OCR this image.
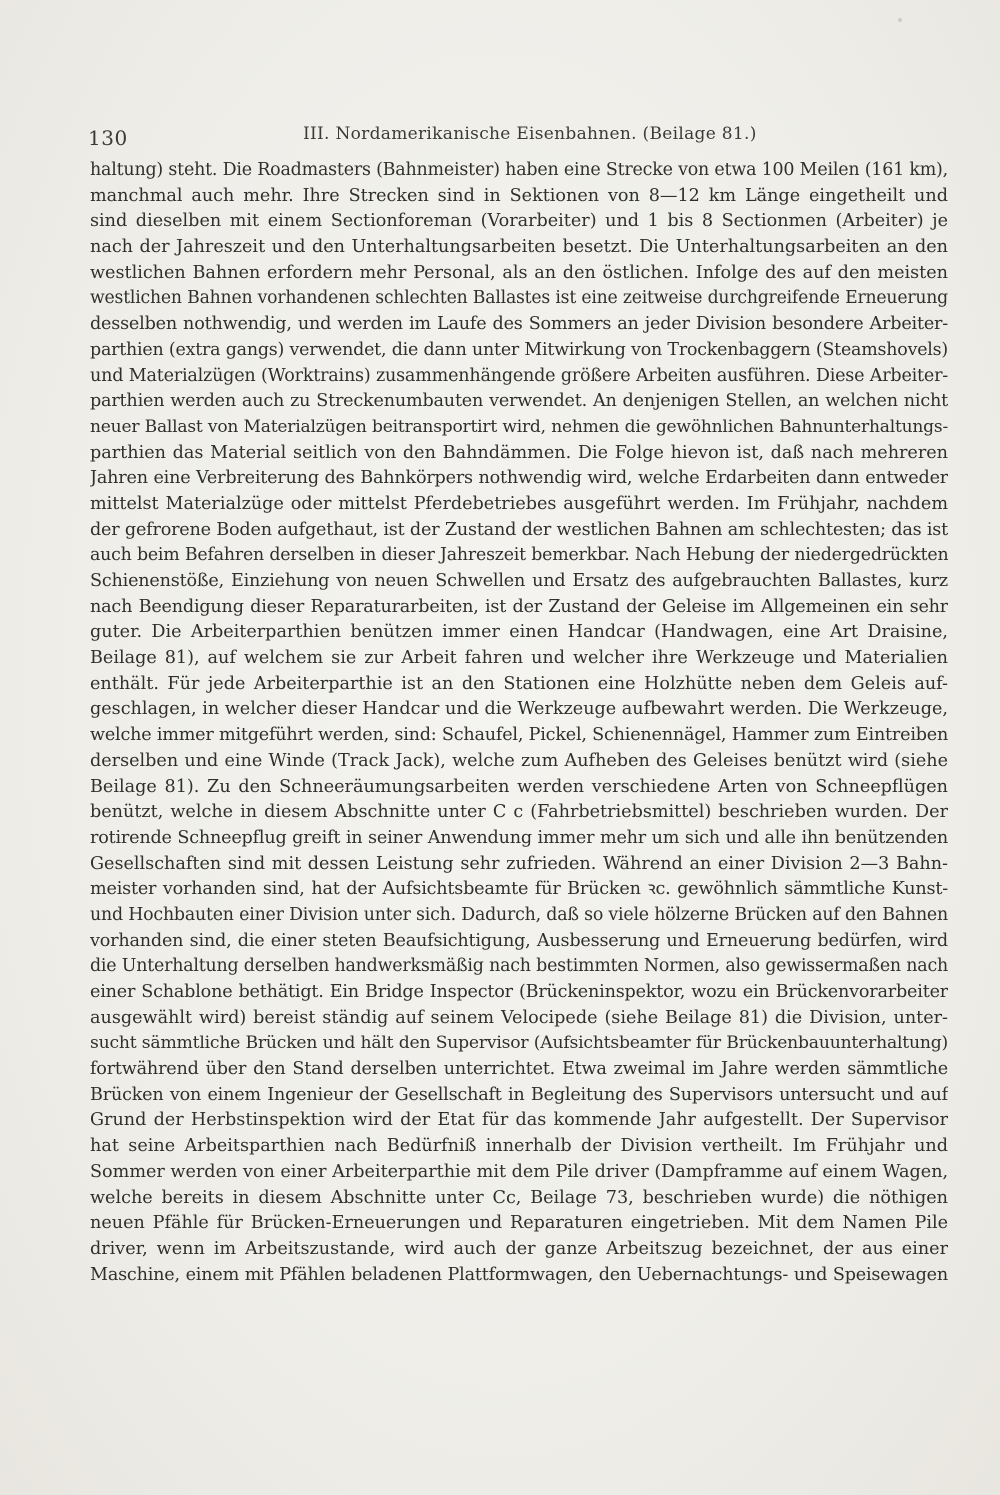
130	III. Nordamerikanische Eisenbahnen. (Beilage 81.)
haltung) steht. Die Roadmasters (Bahnmeister) haben eine Strecke von etwa 100 Meilen (161 km),
manchmal auch mehr. Ihre Strecken sind in Sektionen von 8—12 km Länge eingetheilt und
sind dieselben mit einem Sectionforeman (Vorarbeiter) und 1 bis 8 Sectionmen (Arbeiter) je
nach der Jahreszeit und den Unterhaltungsarbeiten besetzt. Die Unterhaltungsarbeiten an den
westlichen Bahnen erfordern mehr Personal, als an den östlichen. Infolge des auf den meisten
westlichen Bahnen vorhandenen schlechten Ballastes ist eine zeitweise durchgreifende Erneuerung
desselben nothwendig, und werden im Laufe des Sommers an jeder Division besondere Arbeiter-
parthien (extra gangs) verwendet, die dann unter Mitwirkung von Trockenbaggern (Steamshovels)
und Materialzügen (Worktrains) zusammenhängende größere Arbeiten ausführen. Diese Arbeiter-
parthien werden auch zu Streckenumbauten verwendet. An denjenigen Stellen, an welchen nicht
neuer Ballast von Materialzügen beitransportirt wird, nehmen die gewöhnlichen Bahnunterhaltungs-
parthien das Material seitlich von den Bahndämmen. Die Folge hievon ist, daß nach mehreren
Jahren eine Verbreiterung des Bahnkörpers nothwendig wird, welche Erdarbeiten dann entweder
mittelst Materialzüge oder mittelst Pferdebetriebes ausgeführt werden. Im Frühjahr, nachdem
der gefrorene Boden aufgethaut, ist der Zustand der westlichen Bahnen am schlechtesten; das ist
auch beim Befahren derselben in dieser Jahreszeit bemerkbar. Nach Hebung der niedergedrückten
Schienenstöße, Einziehung von neuen Schwellen und Ersatz des aufgebrauchten Ballastes, kurz
nach Beendigung dieser Reparaturarbeiten, ist der Zustand der Geleise im Allgemeinen ein sehr
guter. Die Arbeiterparthien benützen immer einen Handcar (Handwagen, eine Art Draisine,
Beilage 81), auf welchem sie zur Arbeit fahren und welcher ihre Werkzeuge und Materialien
enthält. Für jede Arbeiterparthie ist an den Stationen eine Holzhütte neben dem Geleis auf-
geschlagen, in welcher dieser Handcar und die Werkzeuge aufbewahrt werden. Die Werkzeuge,
welche immer mitgeführt werden, sind: Schaufel, Pickel, Schienennägel, Hammer zum Eintreiben
derselben und eine Winde (Track Jack), welche zum Aufheben des Geleises benützt wird (siehe
Beilage 81). Zu den Schneeräumungsarbeiten werden verschiedene Arten von Schneepflügen
benützt, welche in diesem Abschnitte unter C c (Fahrbetriebsmittel) beschrieben wurden. Der
rotirende Schneepflug greift in seiner Anwendung immer mehr um sich und alle ihn benützenden
Gesellschaften sind mit dessen Leistung sehr zufrieden. Während an einer Division 2—3 Bahn-
meister vorhanden sind, hat der Aufsichtsbeamte für Brücken ꝛc. gewöhnlich sämmtliche Kunst-
und Hochbauten einer Division unter sich. Dadurch, daß so viele hölzerne Brücken auf den Bahnen
vorhanden sind, die einer steten Beaufsichtigung, Ausbesserung und Erneuerung bedürfen, wird
die Unterhaltung derselben handwerksmäßig nach bestimmten Normen, also gewissermaßen nach
einer Schablone bethätigt. Ein Bridge Inspector (Brückeninspektor, wozu ein Brückenvorarbeiter
ausgewählt wird) bereist ständig auf seinem Velocipede (siehe Beilage 81) die Division, unter-
sucht sämmtliche Brücken und hält den Supervisor (Aufsichtsbeamter für Brückenbauunterhaltung)
fortwährend über den Stand derselben unterrichtet. Etwa zweimal im Jahre werden sämmtliche
Brücken von einem Ingenieur der Gesellschaft in Begleitung des Supervisors untersucht und auf
Grund der Herbstinspektion wird der Etat für das kommende Jahr aufgestellt. Der Supervisor
hat seine Arbeitsparthien nach Bedürfniß innerhalb der Division vertheilt. Im Frühjahr und
Sommer werden von einer Arbeiterparthie mit dem Pile driver (Dampframme auf einem Wagen,
welche bereits in diesem Abschnitte unter Cc, Beilage 73, beschrieben wurde) die nöthigen
neuen Pfähle für Brücken-Erneuerungen und Reparaturen eingetrieben. Mit dem Namen Pile
driver, wenn im Arbeitszustande, wird auch der ganze Arbeitszug bezeichnet, der aus einer
Maschine, einem mit Pfählen beladenen Plattformwagen, den Uebernachtungs- und Speisewagen
